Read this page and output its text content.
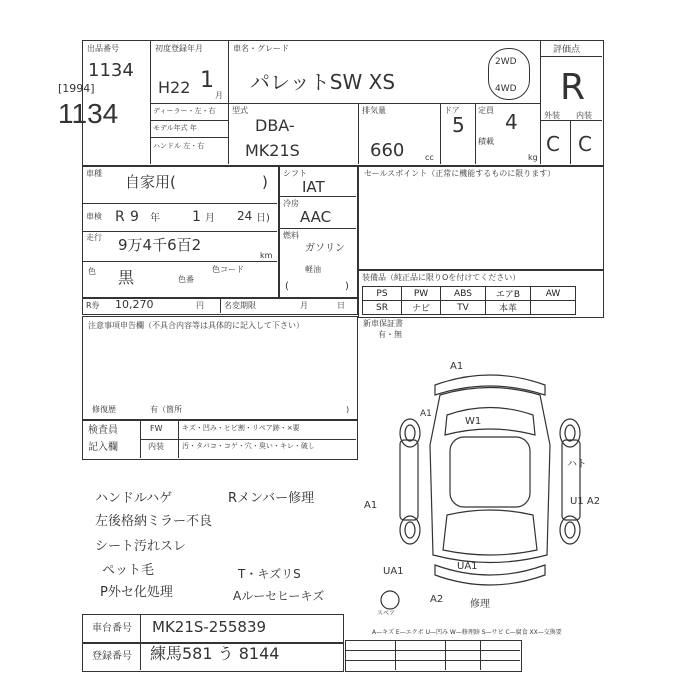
[1994]
1134
出品番号
1134
初度登録年月
H22 1
月
車名・グレード
パレットSW XS
2WD
4WD
評価点
R
外装 内装
C C
ディーラー・左・右
モデル年式 年
ハンドル 左・右
型式
DBA-
MK21S
排気量
660	cc
ドア
5
定員 4
積載
kg
車種 自家用(	)
車検 R 9 年 1 月 24 日)
走行 9万4千6百2
km
色 黒	色番
色コード
シフト
IAT
冷房
AAC
燃料
ガソリン
軽油
(	)
セールスポイント（正常に機能するものに限ります）
装備品（純正品に限りOを付けてください）
PS	PW	ABS	エアB	AW
SR	ナビ	TV	本革	
新車保証書
有・無
R券 10,270	円	名変期限	月	日
注意事項申告欄（不具合内容等は具体的に記入して下さい）
修復歴	有（箇所	)
検査員
記入欄
FW
内装
キズ・凹み・ヒビ割・リペア跡・×要
汚・タバコ・コゲ・穴・臭い・キレ・破し
ハンドルハゲ
左後格納ミラー不良
シート汚れスレ
ペット毛
P外セ化処理
Rメンバー修理
T・キズリS
Aルーセヒーキズ
A1
W1
A1
ハト
U1 A2
UA1	UA1
A2	修理
A1
スペア
車台番号 MK21S-255839
登録番号 練馬581 う 8144
A—キズ E—エクボ U—凹み W—修理跡 S—サビ C—腐食 XX—交換要
